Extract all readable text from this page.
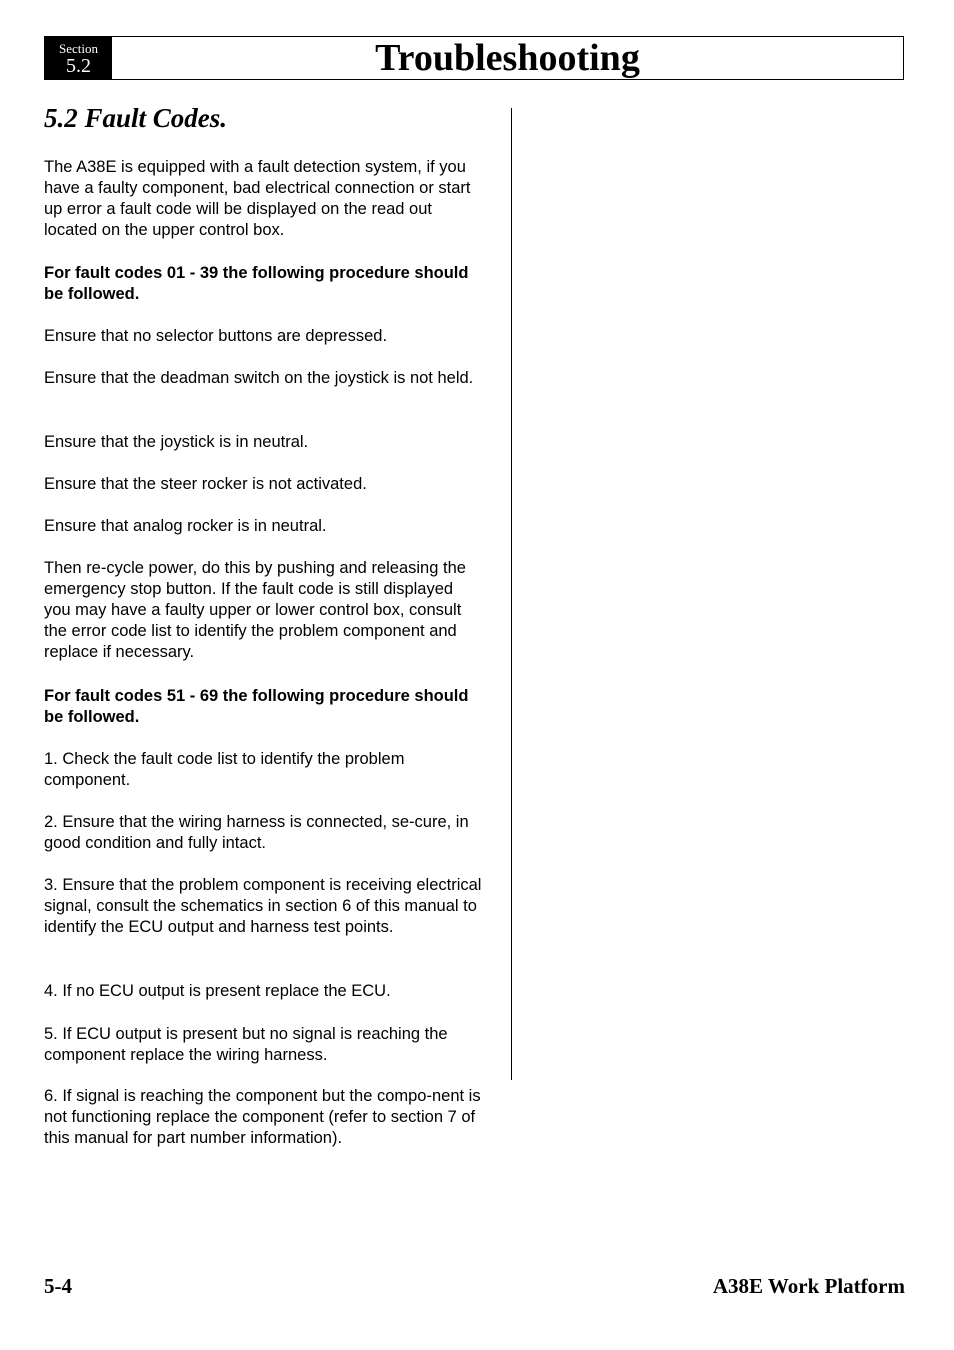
Section
5.2	Troubleshooting
5.2 Fault Codes.

The A38E is equipped with a fault detection system, if you have a faulty component, bad electrical connection or start up error a fault code will be displayed on the read out located on the upper control box.

For fault codes 01 - 39 the following procedure should be followed.

Ensure that no selector buttons are depressed.

Ensure that the deadman switch on the joystick is not held.

Ensure that the joystick is in neutral.

Ensure that the steer rocker is not activated.

Ensure that analog rocker is in neutral.

Then re-cycle power, do this by pushing and releasing the emergency stop button. If the fault code is still displayed you may have a faulty upper or lower control box, consult the error code list to identify the problem component and replace if necessary.

For fault codes 51 - 69 the following procedure should be followed.

1. Check the fault code list to identify the problem component.

2. Ensure that the wiring harness is connected, se-cure, in good condition and fully intact.

3. Ensure that the problem component is receiving electrical signal, consult the schematics in section 6 of this manual to identify the ECU output and harness test points.

4. If no ECU output is present replace the ECU.

5. If ECU output is present but no signal is reaching the component replace the wiring harness.

6. If signal is reaching the component but the compo-nent is not functioning replace the component (refer to section 7 of this manual for part number information).

5-4	A38E Work Platform
